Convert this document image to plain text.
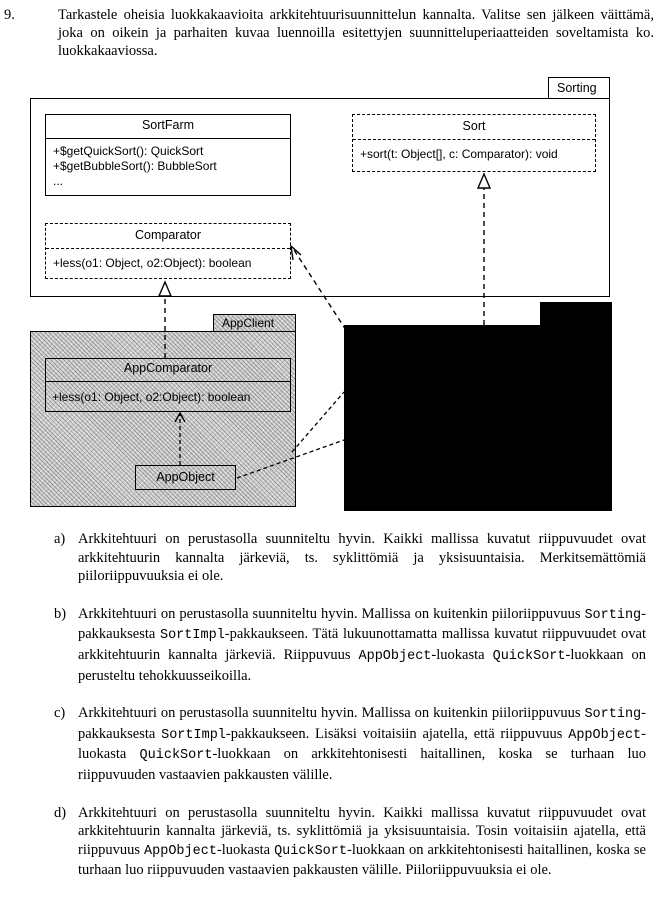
9.	Tarkastele oheisia luokkakaavioita arkkitehtuurisuunnittelun kannalta. Valitse sen jälkeen väittämä, joka on oikein ja parhaiten kuvaa luennoilla esitettyjen suunnitteluperiaatteiden soveltamista ko. luokkakaaviossa.
Sorting
SortFarm
+$getQuickSort(): QuickSort
+$getBubbleSort(): BubbleSort
...
Sort
+sort(t: Object[], c: Comparator): void
Comparator
+less(o1: Object, o2:Object): boolean
AppClient
AppComparator
+less(o1: Object, o2:Object): boolean
AppObject
a) Arkkitehtuuri on perustasolla suunniteltu hyvin. Kaikki mallissa kuvatut riippuvuudet ovat arkkitehtuurin kannalta järkeviä, ts. syklittömiä ja yksisuuntaisia. Merkitsemättömiä piiloriippuvuuksia ei ole.
b) Arkkitehtuuri on perustasolla suunniteltu hyvin. Mallissa on kuitenkin piiloriippuvuus Sorting-pakkauksesta SortImpl-pakkaukseen. Tätä lukuunottamatta mallissa kuvatut riippuvuudet ovat arkkitehtuurin kannalta järkeviä. Riippuvuus AppObject-luokasta QuickSort-luokkaan on perusteltu tehokkuusseikoilla.
c) Arkkitehtuuri on perustasolla suunniteltu hyvin. Mallissa on kuitenkin piiloriippuvuus Sorting-pakkauksesta SortImpl-pakkaukseen. Lisäksi voitaisiin ajatella, että riippuvuus AppObject-luokasta QuickSort-luokkaan on arkkitehtonisesti haitallinen, koska se turhaan luo riippuvuuden vastaavien pakkausten välille.
d) Arkkitehtuuri on perustasolla suunniteltu hyvin. Kaikki mallissa kuvatut riippuvuudet ovat arkkitehtuurin kannalta järkeviä, ts. syklittömiä ja yksisuuntaisia. Tosin voitaisiin ajatella, että riippuvuus AppObject-luokasta QuickSort-luokkaan on arkkitehtonisesti haitallinen, koska se turhaan luo riippuvuuden vastaavien pakkausten välille. Piiloriippuvuuksia ei ole.
